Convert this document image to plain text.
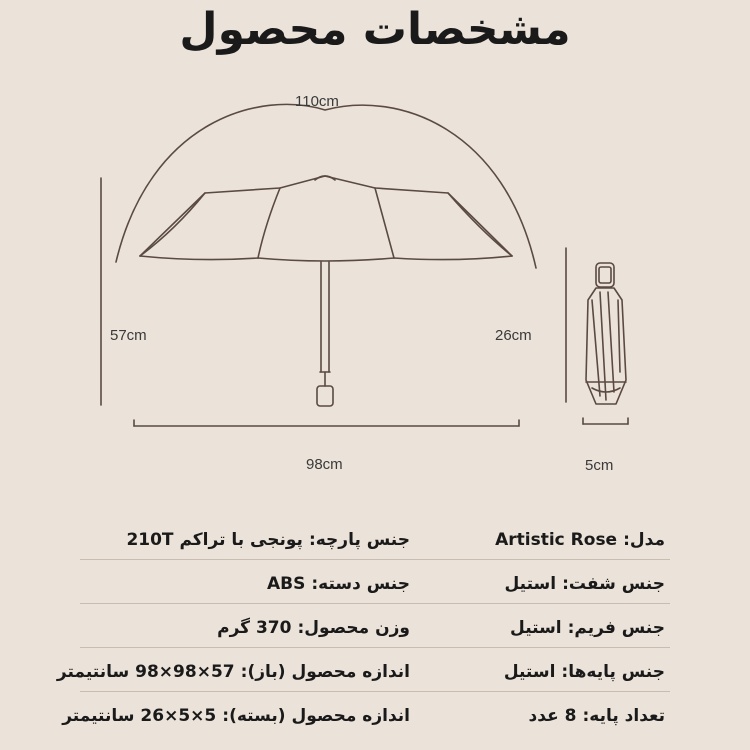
مشخصات محصول
110cm
57cm
98cm
26cm
5cm
مدل:Artistic Rose
جنس شفت:استیل
جنس فریم:استیل
جنس پایه‌ها:استیل
تعداد پایه:8 عدد
جنس پارچه:پونجی با تراکم 210T
جنس دسته:ABS
وزن محصول:370 گرم
اندازه محصول (باز):57×98×98 سانتیمتر
اندازه محصول (بسته):5×5×26 سانتیمتر
